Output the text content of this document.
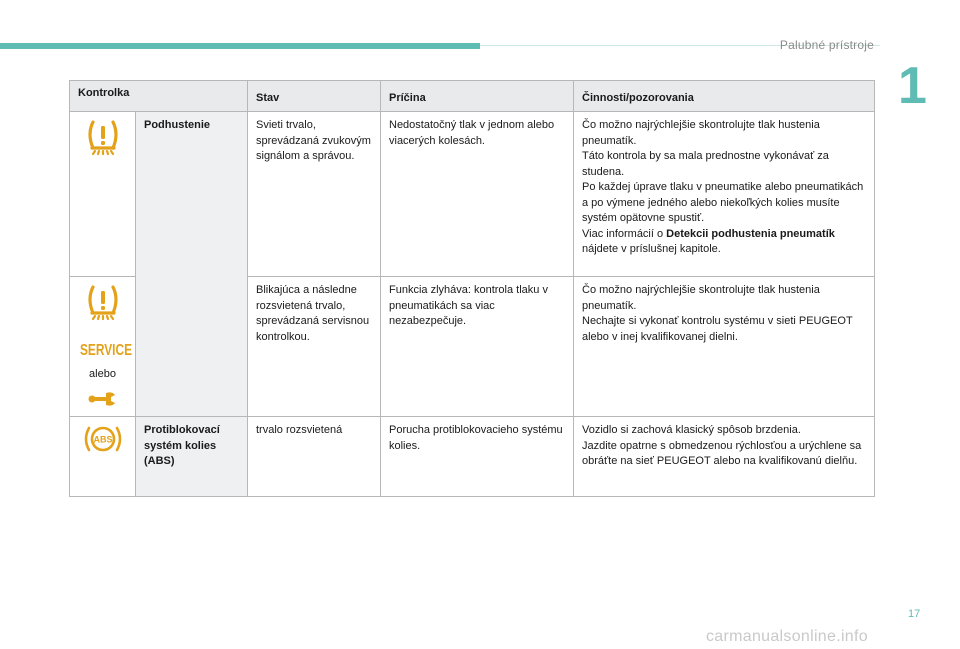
Palubné prístroje
1
Kontrolka		Stav	Príčina	Činnosti/pozorovania

	Podhustenie	Svieti trvalo, sprevádzaná zvukovým signálom a správou.	Nedostatočný tlak v jednom alebo viacerých kolesách.	Čo možno najrýchlejšie skontrolujte tlak hustenia pneumatík.
Táto kontrola by sa mala prednostne vykonávať za studena.
Po každej úprave tlaku v pneumatike alebo pneumatikách a po výmene jedného alebo niekoľkých kolies musíte systém opätovne spustiť.
Viac informácií o Detekcii podhustenia pneumatík nájdete v príslušnej kapitole.

SERVICE
alebo		Blikajúca a následne rozsvietená trvalo, sprevádzaná servisnou kontrolkou.	Funkcia zlyháva: kontrola tlaku v pneumatikách sa viac nezabezpečuje.	Čo možno najrýchlejšie skontrolujte tlak hustenia pneumatík.
Nechajte si vykonať kontrolu systému v sieti PEUGEOT alebo v inej kvalifikovanej dielni.

ABS	Protiblokovací systém kolies (ABS)	trvalo rozsvietená	Porucha protiblokovacieho systému kolies.	Vozidlo si zachová klasický spôsob brzdenia.
Jazdite opatrne s obmedzenou rýchlosťou a urýchlene sa obráťte na sieť PEUGEOT alebo na kvalifikovanú dielňu.
17
carmanualsonline.info
